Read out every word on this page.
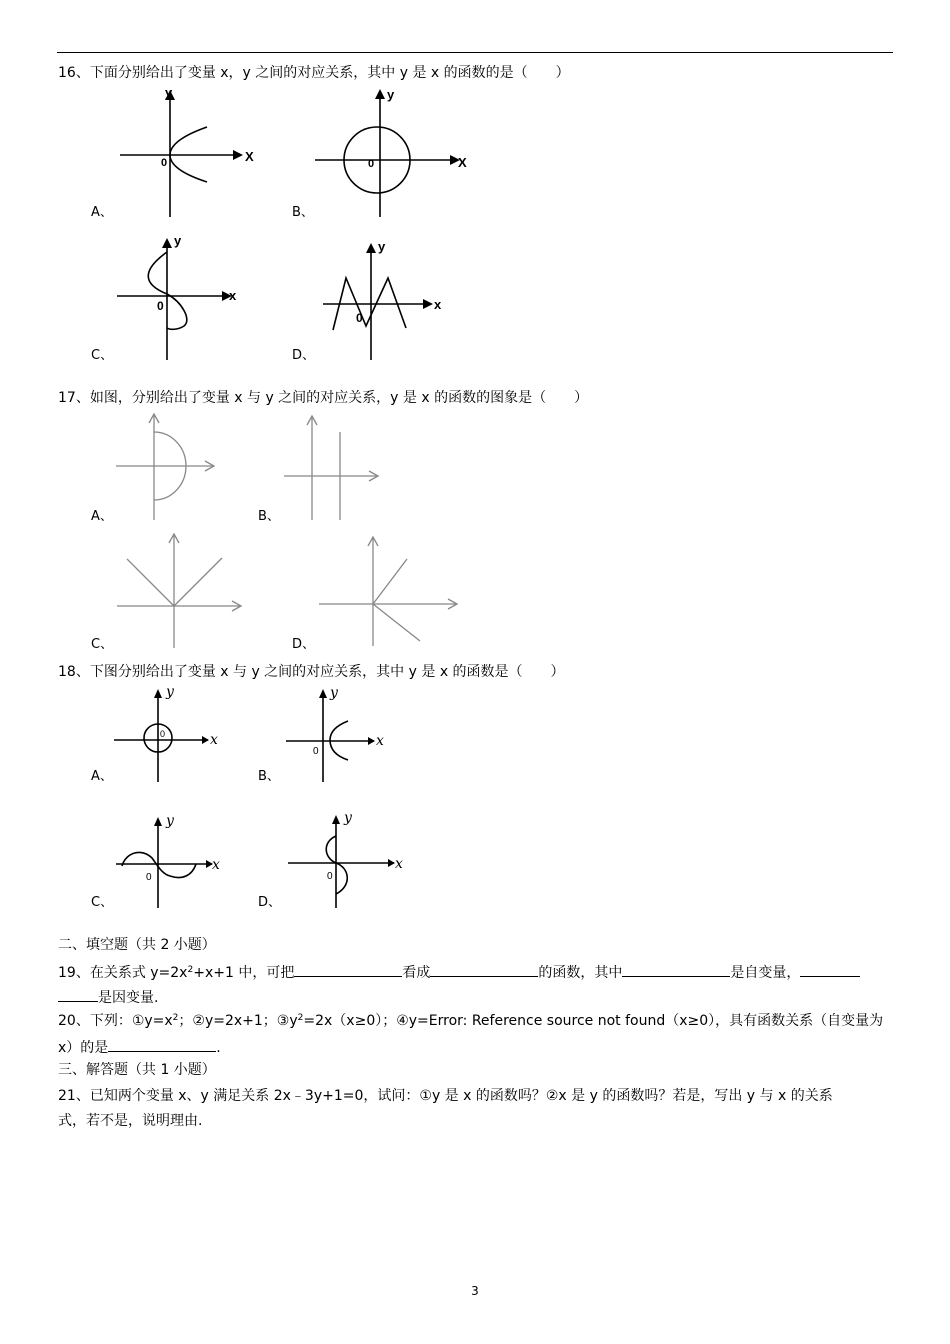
16、下面分别给出了变量 x，y 之间的对应关系，其中 y 是 x 的函数的是（　　）
X
y
0
A、
X
y
0
B、
x
y
0
C、
x
y
0
D、
17、如图，分别给出了变量 x 与 y 之间的对应关系，y 是 x 的函数的图象是（　　）
A、	B、
C、	D、
18、下图分别给出了变量 x 与 y 之间的对应关系，其中 y 是 x 的函数是（　　）
x
y
0
A、
x
y
0
B、
x
y
0
C、
x
y
0
D、
二、填空题（共 2 小题）
19、在关系式 $y=2x^2+x+1$ 中，可把	看成	的函数，其中	是自变量，
是因变量.
20、下列：$①y=x^2$；②y=2x+1；$③y^2=2x(x\ge 0)$；④y=Error: Reference source not found（x≥0），具有函数关系（自变量为
x）的是	.
三、解答题（共 1 小题）
21、已知两个变量 x、y 满足关系 2x﹣3y+1=0，试问：①y 是 x 的函数吗？②x 是 y 的函数吗？若是，写出 y 与 x 的关系
式，若不是，说明理由.
3
